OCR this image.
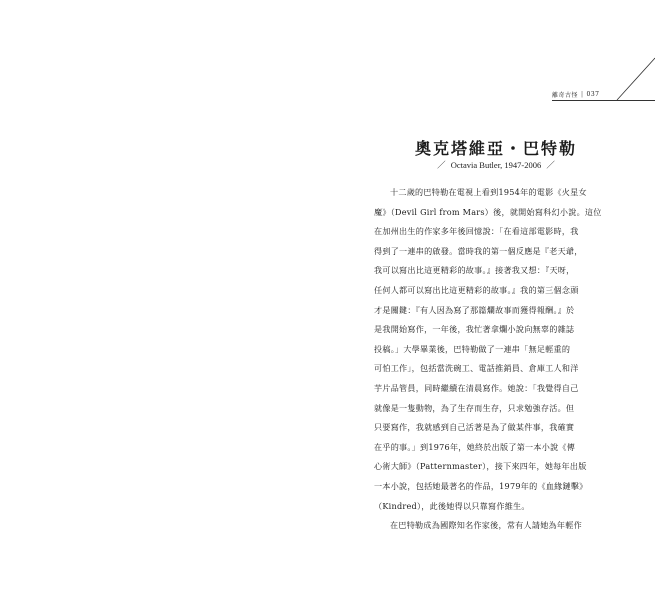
離奇古怪 | 037
奧克塔維亞・巴特勒
／ Octavia Butler, 1947-2006 ／
十二歲的巴特勒在電視上看到1954年的電影《火星女
魔》（Devil Girl from Mars）後，就開始寫科幻小說。這位
在加州出生的作家多年後回憶說：「在看這部電影時，我
得到了一連串的啟發。當時我的第一個反應是『老天爺，
我可以寫出比這更精彩的故事。』接著我又想：『天呀，
任何人都可以寫出比這更精彩的故事。』我的第三個念頭
才是關鍵：『有人因為寫了那篇爛故事而獲得報酬。』於
是我開始寫作，一年後，我忙著拿爛小說向無辜的雜誌
投稿。」大學畢業後，巴特勒做了一連串「無足輕重的
可怕工作」，包括當洗碗工、電話推銷員、倉庫工人和洋
芋片品管員，同時繼續在清晨寫作。她說：「我覺得自己
就像是一隻動物，為了生存而生存，只求勉強存活。但
只要寫作，我就感到自己活著是為了做某件事，我確實
在乎的事。」到1976年，她終於出版了第一本小說《傳
心術大師》（Patternmaster），接下來四年，她每年出版
一本小說，包括她最著名的作品，1979年的《血緣鏈擊》
（Kindred），此後她得以只靠寫作維生。
在巴特勒成為國際知名作家後，常有人請她為年輕作
